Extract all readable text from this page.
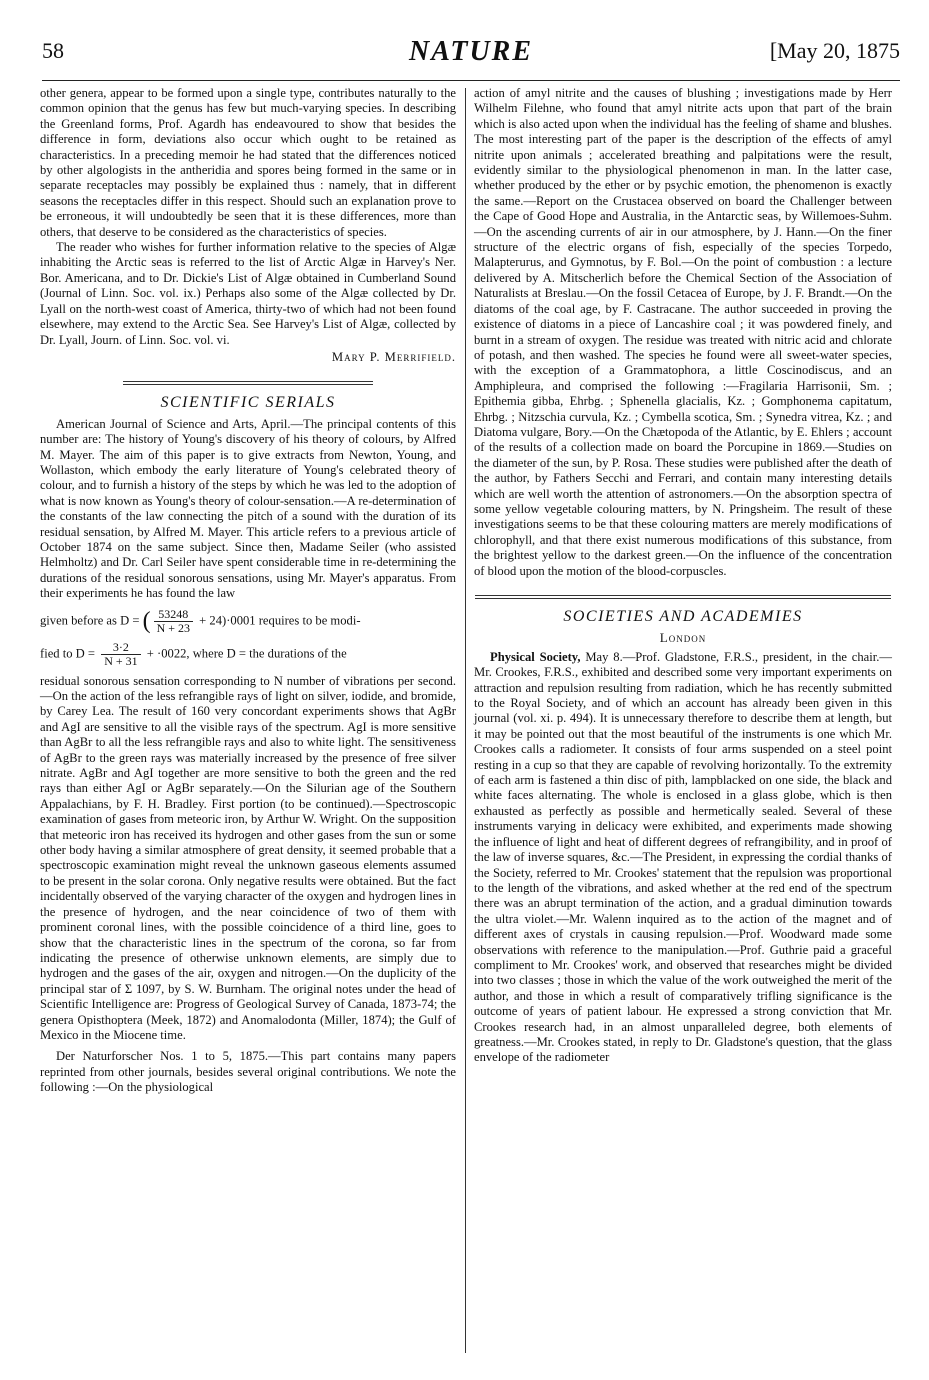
58	NATURE	[May 20, 1875

other genera, appear to be formed upon a single type, contributes naturally to the common opinion that the genus has few but much-varying species. In describing the Greenland forms, Prof. Agardh has endeavoured to show that besides the difference in form, deviations also occur which ought to be retained as characteristics. In a preceding memoir he had stated that the differences noticed by other algologists in the antheridia and spores being formed in the same or in separate receptacles may possibly be explained thus : namely, that in different seasons the receptacles differ in this respect. Should such an explanation prove to be erroneous, it will undoubtedly be seen that it is these differences, more than others, that deserve to be considered as the characteristics of species.

The reader who wishes for further information relative to the species of Algæ inhabiting the Arctic seas is referred to the list of Arctic Algæ in Harvey's Ner. Bor. Americana, and to Dr. Dickie's List of Algæ obtained in Cumberland Sound (Journal of Linn. Soc. vol. ix.) Perhaps also some of the Algæ collected by Dr. Lyall on the north-west coast of America, thirty-two of which had not been found elsewhere, may extend to the Arctic Sea. See Harvey's List of Algæ, collected by Dr. Lyall, Journ. of Linn. Soc. vol. vi.

Mary P. Merrifield.

SCIENTIFIC SERIALS

American Journal of Science and Arts, April.—The principal contents of this number are: The history of Young's discovery of his theory of colours, by Alfred M. Mayer. The aim of this paper is to give extracts from Newton, Young, and Wollaston, which embody the early literature of Young's celebrated theory of colour, and to furnish a history of the steps by which he was led to the adoption of what is now known as Young's theory of colour-sensation.—A re-determination of the constants of the law connecting the pitch of a sound with the duration of its residual sensation, by Alfred M. Mayer. This article refers to a previous article of October 1874 on the same subject. Since then, Madame Seiler (who assisted Helmholtz) and Dr. Carl Seiler have spent considerable time in re-determining the durations of the residual sonorous sensations, using Mr. Mayer's apparatus. From their experiments he has found the law

given before as D = ( $\frac{53248}{N + 23} + 24)\cdot 0001$ requires to be modi-

fied to $D = \frac{3\cdot 2}{N + 31} + \cdot 0022$, where D = the durations of the

residual sonorous sensation corresponding to N number of vibrations per second.—On the action of the less refrangible rays of light on silver, iodide, and bromide, by Carey Lea. The result of 160 very concordant experiments shows that AgBr and AgI are sensitive to all the visible rays of the spectrum. AgI is more sensitive than AgBr to all the less refrangible rays and also to white light. The sensitiveness of AgBr to the green rays was materially increased by the presence of free silver nitrate. AgBr and AgI together are more sensitive to both the green and the red rays than either AgI or AgBr separately.—On the Silurian age of the Southern Appalachians, by F. H. Bradley. First portion (to be continued).—Spectroscopic examination of gases from meteoric iron, by Arthur W. Wright. On the supposition that meteoric iron has received its hydrogen and other gases from the sun or some other body having a similar atmosphere of great density, it seemed probable that a spectroscopic examination might reveal the unknown gaseous elements assumed to be present in the solar corona. Only negative results were obtained. But the fact incidentally observed of the varying character of the oxygen and hydrogen lines in the presence of hydrogen, and the near coincidence of two of them with prominent coronal lines, with the possible coincidence of a third line, goes to show that the characteristic lines in the spectrum of the corona, so far from indicating the presence of otherwise unknown elements, are simply due to hydrogen and the gases of the air, oxygen and nitrogen.—On the duplicity of the principal star of Σ 1097, by S. W. Burnham. The original notes under the head of Scientific Intelligence are: Progress of Geological Survey of Canada, 1873-74; the genera Opisthoptera (Meek, 1872) and Anomalodonta (Miller, 1874); the Gulf of Mexico in the Miocene time.

Der Naturforscher Nos. 1 to 5, 1875.—This part contains many papers reprinted from other journals, besides several original contributions. We note the following :—On the physiological

action of amyl nitrite and the causes of blushing ; investigations made by Herr Wilhelm Filehne, who found that amyl nitrite acts upon that part of the brain which is also acted upon when the individual has the feeling of shame and blushes. The most interesting part of the paper is the description of the effects of amyl nitrite upon animals ; accelerated breathing and palpitations were the result, evidently similar to the physiological phenomenon in man. In the latter case, whether produced by the ether or by psychic emotion, the phenomenon is exactly the same.—Report on the Crustacea observed on board the Challenger between the Cape of Good Hope and Australia, in the Antarctic seas, by Willemoes-Suhm.—On the ascending currents of air in our atmosphere, by J. Hann.—On the finer structure of the electric organs of fish, especially of the species Torpedo, Malapterurus, and Gymnotus, by F. Bol.—On the point of combustion : a lecture delivered by A. Mitscherlich before the Chemical Section of the Association of Naturalists at Breslau.—On the fossil Cetacea of Europe, by J. F. Brandt.—On the diatoms of the coal age, by F. Castracane. The author succeeded in proving the existence of diatoms in a piece of Lancashire coal ; it was powdered finely, and burnt in a stream of oxygen. The residue was treated with nitric acid and chlorate of potash, and then washed. The species he found were all sweet-water species, with the exception of a Grammatophora, a little Coscinodiscus, and an Amphipleura, and comprised the following :—Fragilaria Harrisonii, Sm. ; Epithemia gibba, Ehrbg. ; Sphenella glacialis, Kz. ; Gomphonema capitatum, Ehrbg. ; Nitzschia curvula, Kz. ; Cymbella scotica, Sm. ; Synedra vitrea, Kz. ; and Diatoma vulgare, Bory.—On the Chætopoda of the Atlantic, by E. Ehlers ; account of the results of a collection made on board the Porcupine in 1869.—Studies on the diameter of the sun, by P. Rosa. These studies were published after the death of the author, by Fathers Secchi and Ferrari, and contain many interesting details which are well worth the attention of astronomers.—On the absorption spectra of some yellow vegetable colouring matters, by N. Pringsheim. The result of these investigations seems to be that these colouring matters are merely modifications of chlorophyll, and that there exist numerous modifications of this substance, from the brightest yellow to the darkest green.—On the influence of the concentration of blood upon the motion of the blood-corpuscles.

SOCIETIES AND ACADEMIES

London

Physical Society, May 8.—Prof. Gladstone, F.R.S., president, in the chair.—Mr. Crookes, F.R.S., exhibited and described some very important experiments on attraction and repulsion resulting from radiation, which he has recently submitted to the Royal Society, and of which an account has already been given in this journal (vol. xi. p. 494). It is unnecessary therefore to describe them at length, but it may be pointed out that the most beautiful of the instruments is one which Mr. Crookes calls a radiometer. It consists of four arms suspended on a steel point resting in a cup so that they are capable of revolving horizontally. To the extremity of each arm is fastened a thin disc of pith, lampblacked on one side, the black and white faces alternating. The whole is enclosed in a glass globe, which is then exhausted as perfectly as possible and hermetically sealed. Several of these instruments varying in delicacy were exhibited, and experiments made showing the influence of light and heat of different degrees of refrangibility, and in proof of the law of inverse squares, &c.—The President, in expressing the cordial thanks of the Society, referred to Mr. Crookes' statement that the repulsion was proportional to the length of the vibrations, and asked whether at the red end of the spectrum there was an abrupt termination of the action, and a gradual diminution towards the ultra violet.—Mr. Walenn inquired as to the action of the magnet and of different axes of crystals in causing repulsion.—Prof. Woodward made some observations with reference to the manipulation.—Prof. Guthrie paid a graceful compliment to Mr. Crookes' work, and observed that researches might be divided into two classes ; those in which the value of the work outweighed the merit of the author, and those in which a result of comparatively trifling significance is the outcome of years of patient labour. He expressed a strong conviction that Mr. Crookes research had, in an almost unparalleled degree, both elements of greatness.—Mr. Crookes stated, in reply to Dr. Gladstone's question, that the glass envelope of the radiometer
